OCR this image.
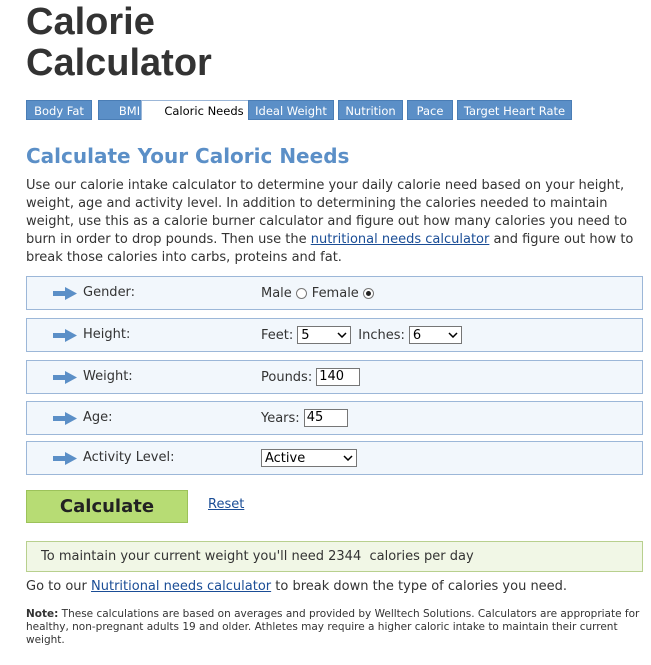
Calorie
Calculator
Body Fat	BMI	Caloric Needs	Ideal Weight	Nutrition	Pace	Target Heart Rate
Calculate Your Caloric Needs

Use our calorie intake calculator to determine your daily calorie need based on your height, weight, age and activity level. In addition to determining the calories needed to maintain weight, use this as a calorie burner calculator and figure out how many calories you need to burn in order to drop pounds. Then use the nutritional needs calculator and figure out how to break those calories into carbs, proteins and fat.

Gender:	Male Female
Height:	Feet: 5	Inches: 6
Weight:	Pounds: 140
Age:	Years: 45
Activity Level:	Active
Calculate	Reset
To maintain your current weight you'll need 2344  calories per day

Go to our Nutritional needs calculator to break down the type of calories you need.

Note: These calculations are based on averages and provided by Welltech Solutions. Calculators are appropriate for healthy, non-pregnant adults 19 and older. Athletes may require a higher caloric intake to maintain their current weight.
